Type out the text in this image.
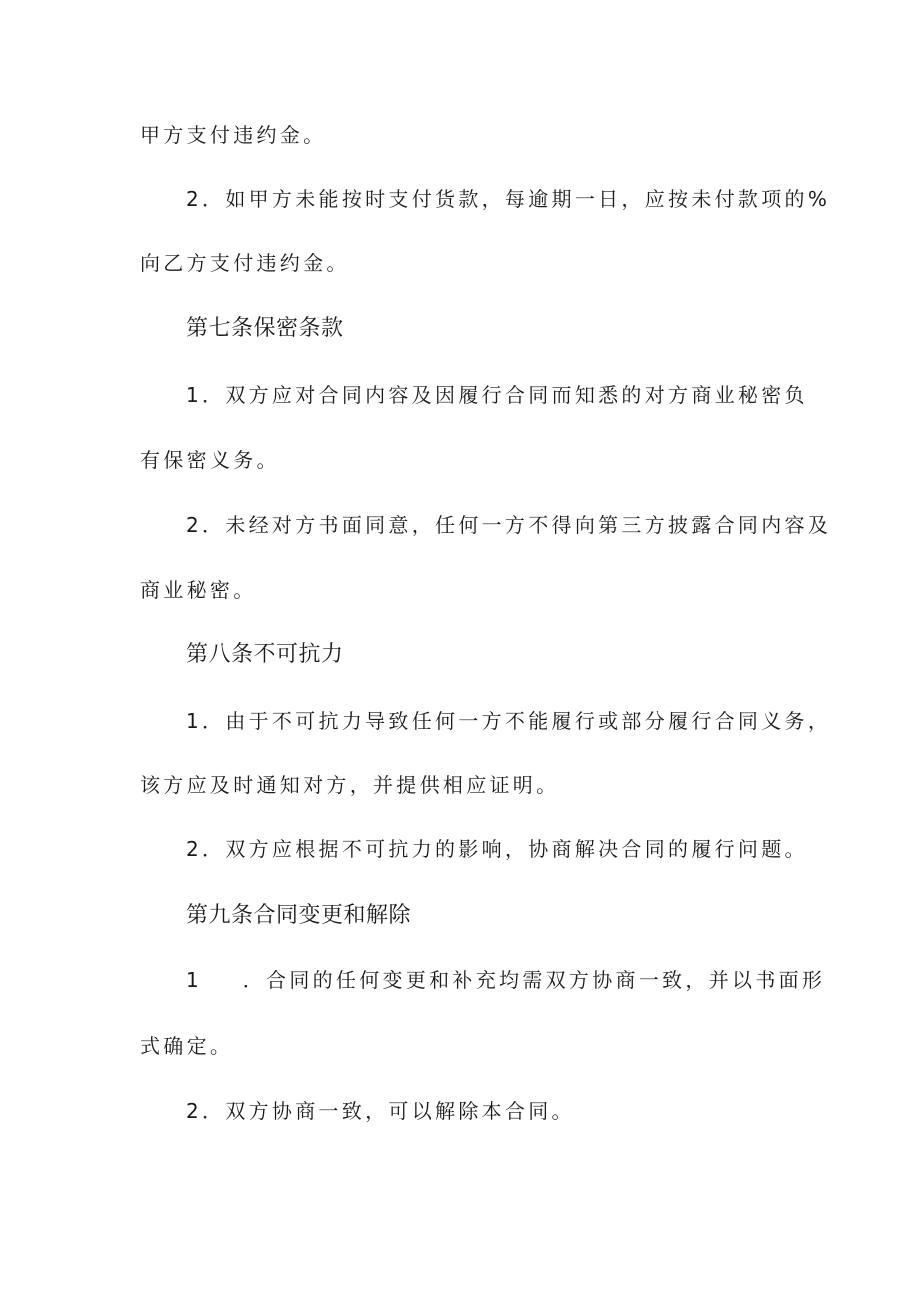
甲方支付违约金。
2．如甲方未能按时支付货款，每逾期一日，应按未付款项的%
向乙方支付违约金。
第七条保密条款
1．双方应对合同内容及因履行合同而知悉的对方商业秘密负
有保密义务。
2．未经对方书面同意，任何一方不得向第三方披露合同内容及
商业秘密。
第八条不可抗力
1．由于不可抗力导致任何一方不能履行或部分履行合同义务，
该方应及时通知对方，并提供相应证明。
2．双方应根据不可抗力的影响，协商解决合同的履行问题。
第九条合同变更和解除
1 ．合同的任何变更和补充均需双方协商一致，并以书面形
式确定。
2．双方协商一致，可以解除本合同。
